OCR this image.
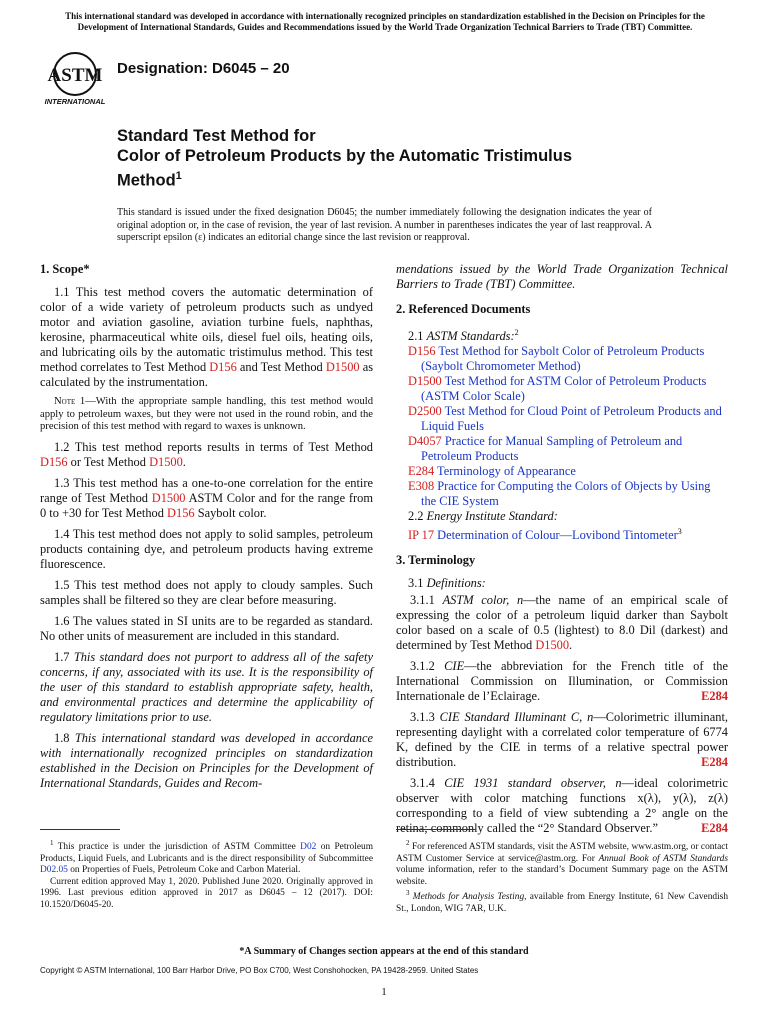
This international standard was developed in accordance with internationally recognized principles on standardization established in the Decision on Principles for the Development of International Standards, Guides and Recommendations issued by the World Trade Organization Technical Barriers to Trade (TBT) Committee.
ASTM
INTERNATIONAL
Designation: D6045 – 20
Standard Test Method for
Color of Petroleum Products by the Automatic Tristimulus
Method$^1$
This standard is issued under the fixed designation D6045; the number immediately following the designation indicates the year of original adoption or, in the case of revision, the year of last revision. A number in parentheses indicates the year of last reapproval. A superscript epsilon (ε) indicates an editorial change since the last revision or reapproval.
1. Scope*

1.1 This test method covers the automatic determination of color of a wide variety of petroleum products such as undyed motor and aviation gasoline, aviation turbine fuels, naphthas, kerosine, pharmaceutical white oils, diesel fuel oils, heating oils, and lubricating oils by the automatic tristimulus method. This test method correlates to Test Method D156 and Test Method D1500 as calculated by the instrumentation.

Note 1—With the appropriate sample handling, this test method would apply to petroleum waxes, but they were not used in the round robin, and the precision of this test method with regard to waxes is unknown.

1.2 This test method reports results in terms of Test Method D156 or Test Method D1500.

1.3 This test method has a one-to-one correlation for the entire range of Test Method D1500 ASTM Color and for the range from 0 to +30 for Test Method D156 Saybolt color.

1.4 This test method does not apply to solid samples, petroleum products containing dye, and petroleum products having extreme fluorescence.

1.5 This test method does not apply to cloudy samples. Such samples shall be filtered so they are clear before measuring.

1.6 The values stated in SI units are to be regarded as standard. No other units of measurement are included in this standard.

1.7 This standard does not purport to address all of the safety concerns, if any, associated with its use. It is the responsibility of the user of this standard to establish appropriate safety, health, and environmental practices and determine the applicability of regulatory limitations prior to use.

1.8 This international standard was developed in accordance with internationally recognized principles on standardization established in the Decision on Principles for the Development of International Standards, Guides and Recom-

mendations issued by the World Trade Organization Technical Barriers to Trade (TBT) Committee.

2. Referenced Documents
2.1 ASTM Standards:$^2$
D156 Test Method for Saybolt Color of Petroleum Products (Saybolt Chromometer Method)
D1500 Test Method for ASTM Color of Petroleum Products (ASTM Color Scale)
D2500 Test Method for Cloud Point of Petroleum Products and Liquid Fuels
D4057 Practice for Manual Sampling of Petroleum and Petroleum Products
E284 Terminology of Appearance
E308 Practice for Computing the Colors of Objects by Using the CIE System
2.2 Energy Institute Standard:
IP 17 Determination of Colour—Lovibond Tintometer$^3$
3. Terminology
3.1 Definitions:

3.1.1 ASTM color, n—the name of an empirical scale of expressing the color of a petroleum liquid darker than Saybolt color based on a scale of 0.5 (lightest) to 8.0 Dil (darkest) and determined by Test Method D1500.

3.1.2 CIE—the abbreviation for the French title of the International Commission on Illumination, or Commission Internationale de l’Eclairage.	E284

3.1.3 CIE Standard Illuminant C, n—Colorimetric illuminant, representing daylight with a correlated color temperature of 6774 K, defined by the CIE in terms of a relative spectral power distribution.	E284

3.1.4 CIE 1931 standard observer, n—ideal colorimetric observer with color matching functions x(λ), y(λ), z(λ) corresponding to a field of view subtending a 2° angle on the retina; commonly called the “2° Standard Observer.”	E284

$^1$ This practice is under the jurisdiction of ASTM Committee D02 on Petroleum Products, Liquid Fuels, and Lubricants and is the direct responsibility of Subcommittee D02.05 on Properties of Fuels, Petroleum Coke and Carbon Material.

Current edition approved May 1, 2020. Published June 2020. Originally approved in 1996. Last previous edition approved in 2017 as D6045 – 12 (2017). DOI: 10.1520/D6045-20.

$^2$ For referenced ASTM standards, visit the ASTM website, www.astm.org, or contact ASTM Customer Service at service@astm.org. For Annual Book of ASTM Standards volume information, refer to the standard’s Document Summary page on the ASTM website.

$^3$ Methods for Analysis Testing, available from Energy Institute, 61 New Cavendish St., London, WIG 7AR, U.K.

*A Summary of Changes section appears at the end of this standard
Copyright © ASTM International, 100 Barr Harbor Drive, PO Box C700, West Conshohocken, PA 19428-2959. United States
1
